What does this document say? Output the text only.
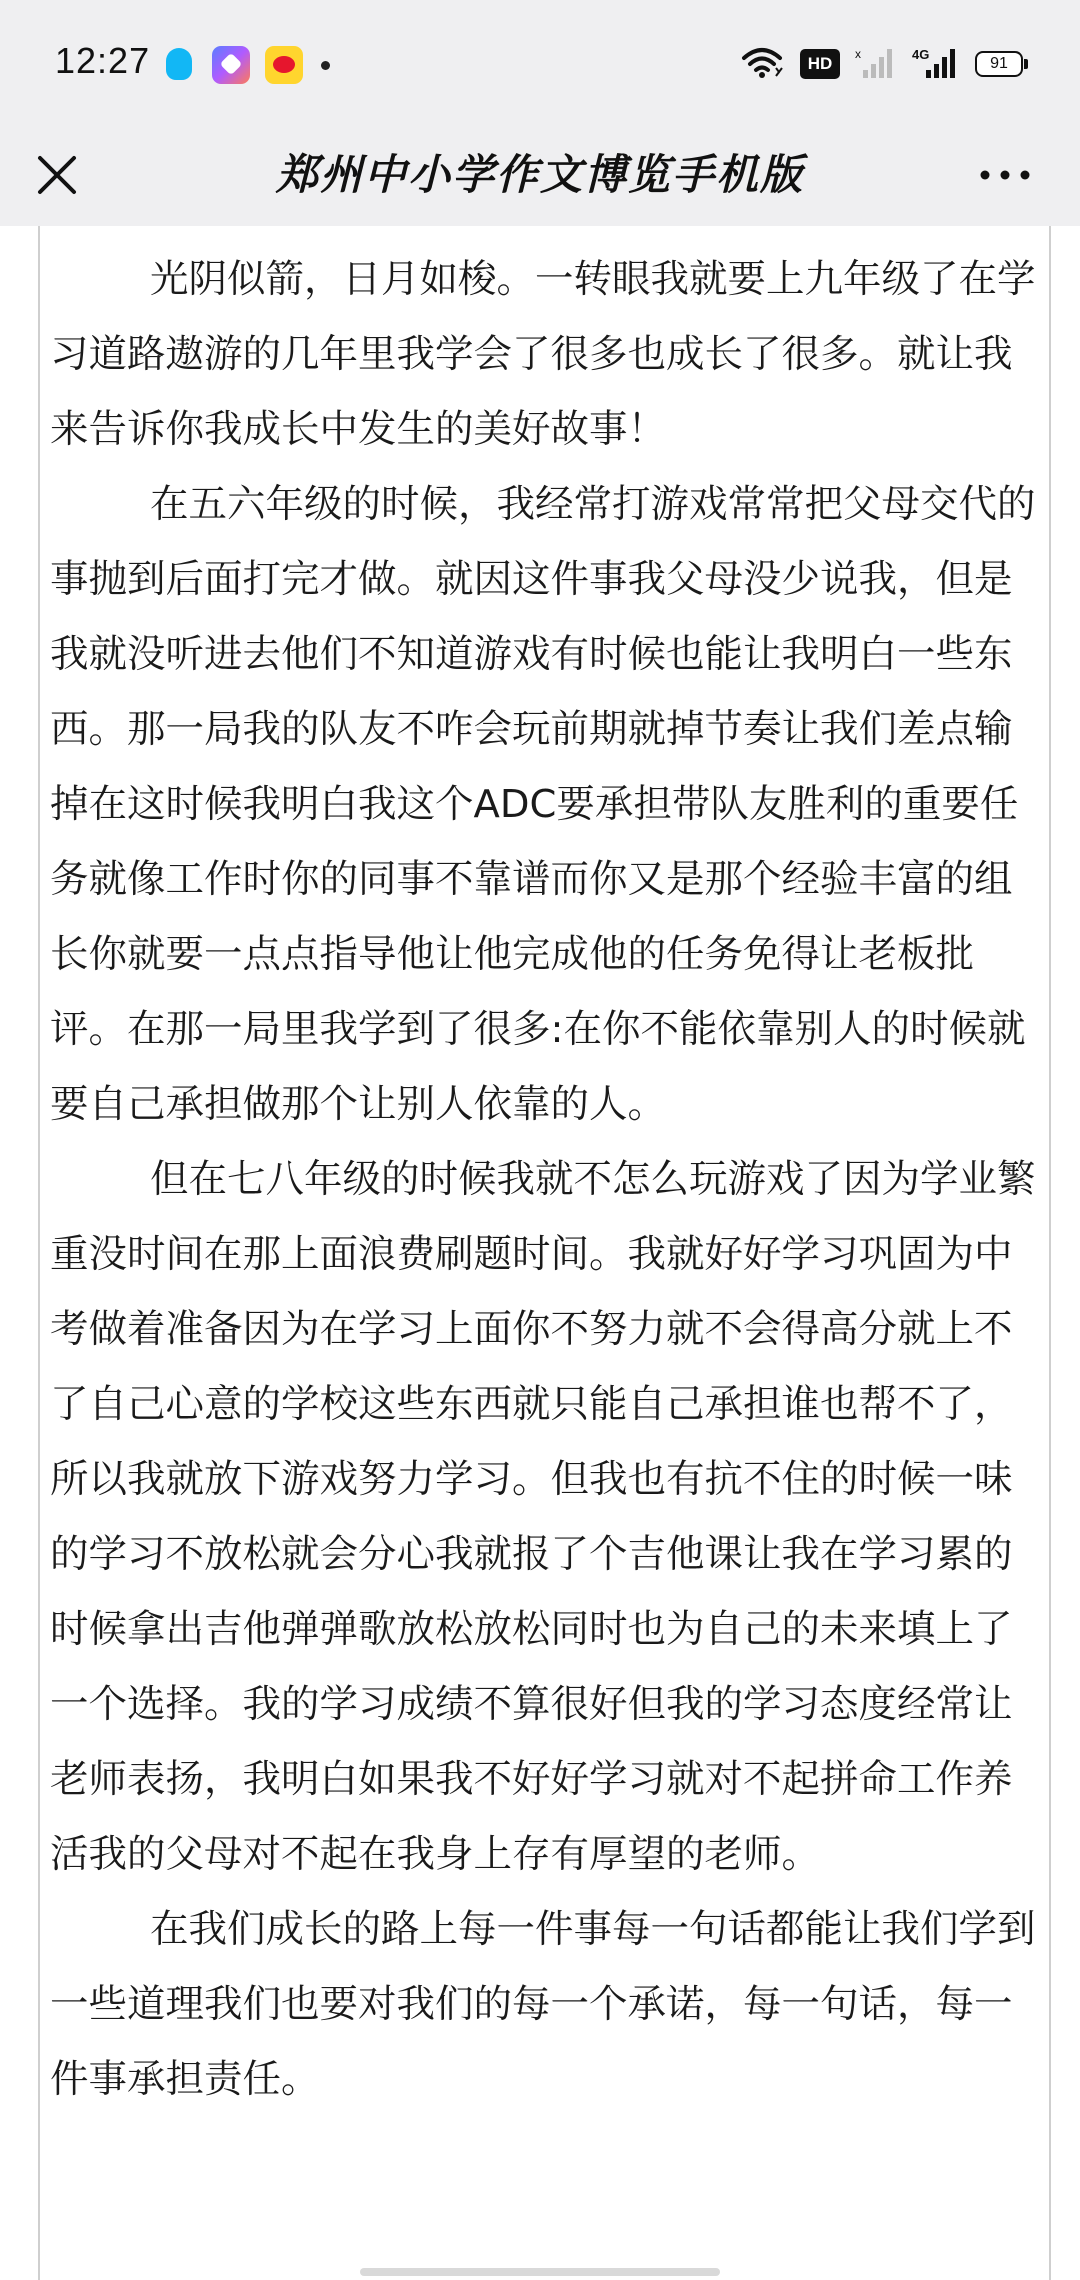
12:27	HD	x	4G
91
郑州中小学作文博览手机版

光阴似箭，日月如梭。一转眼我就要上九年级了在学习道路遨游的几年里我学会了很多也成长了很多。就让我来告诉你我成长中发生的美好故事！

在五六年级的时候，我经常打游戏常常把父母交代的事抛到后面打完才做。就因这件事我父母没少说我，但是我就没听进去他们不知道游戏有时候也能让我明白一些东西。那一局我的队友不咋会玩前期就掉节奏让我们差点输掉在这时候我明白我这个ADC要承担带队友胜利的重要任务就像工作时你的同事不靠谱而你又是那个经验丰富的组长你就要一点点指导他让他完成他的任务免得让老板批评。在那一局里我学到了很多:在你不能依靠别人的时候就要自己承担做那个让别人依靠的人。

但在七八年级的时候我就不怎么玩游戏了因为学业繁重没时间在那上面浪费刷题时间。我就好好学习巩固为中考做着准备因为在学习上面你不努力就不会得高分就上不了自己心意的学校这些东西就只能自己承担谁也帮不了，所以我就放下游戏努力学习。但我也有抗不住的时候一味的学习不放松就会分心我就报了个吉他课让我在学习累的时候拿出吉他弹弹歌放松放松同时也为自己的未来填上了一个选择。我的学习成绩不算很好但我的学习态度经常让老师表扬，我明白如果我不好好学习就对不起拼命工作养活我的父母对不起在我身上存有厚望的老师。

在我们成长的路上每一件事每一句话都能让我们学到一些道理我们也要对我们的每一个承诺，每一句话，每一件事承担责任。
